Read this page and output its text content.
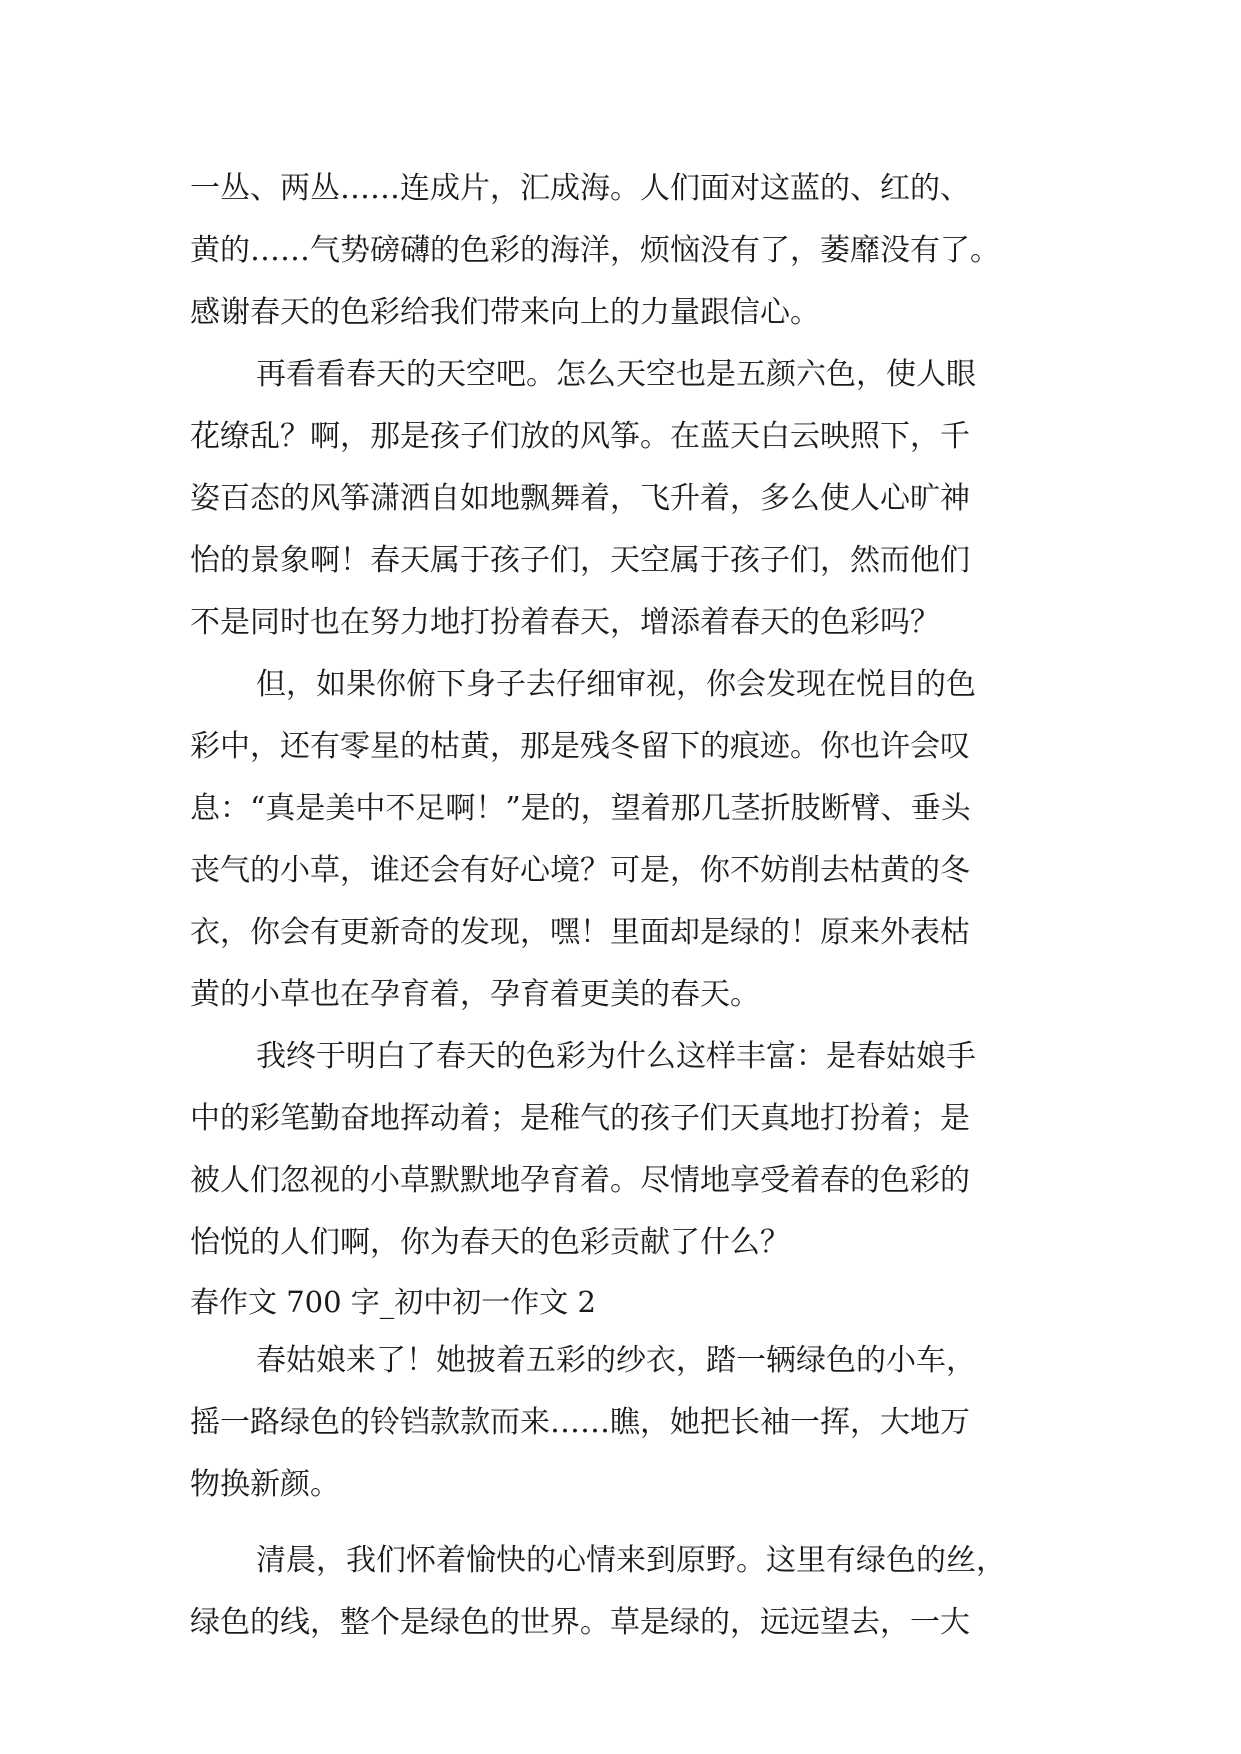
一丛、两丛……连成片，汇成海。人们面对这蓝的、红的、
黄的……气势磅礴的色彩的海洋，烦恼没有了，萎靡没有了。
感谢春天的色彩给我们带来向上的力量跟信心。
再看看春天的天空吧。怎么天空也是五颜六色，使人眼
花缭乱？啊，那是孩子们放的风筝。在蓝天白云映照下，千
姿百态的风筝潇洒自如地飘舞着，飞升着，多么使人心旷神
怡的景象啊！春天属于孩子们，天空属于孩子们，然而他们
不是同时也在努力地打扮着春天，增添着春天的色彩吗？
但，如果你俯下身子去仔细审视，你会发现在悦目的色
彩中，还有零星的枯黄，那是残冬留下的痕迹。你也许会叹
息：“真是美中不足啊！”是的，望着那几茎折肢断臂、垂头
丧气的小草，谁还会有好心境？可是，你不妨削去枯黄的冬
衣，你会有更新奇的发现，嘿！里面却是绿的！原来外表枯
黄的小草也在孕育着，孕育着更美的春天。
我终于明白了春天的色彩为什么这样丰富：是春姑娘手
中的彩笔勤奋地挥动着；是稚气的孩子们天真地打扮着；是
被人们忽视的小草默默地孕育着。尽情地享受着春的色彩的
怡悦的人们啊，你为春天的色彩贡献了什么？
春作文 700 字_初中初一作文 2
春姑娘来了！她披着五彩的纱衣，踏一辆绿色的小车，
摇一路绿色的铃铛款款而来……瞧，她把长袖一挥，大地万
物换新颜。
清晨，我们怀着愉快的心情来到原野。这里有绿色的丝，
绿色的线，整个是绿色的世界。草是绿的，远远望去，一大
